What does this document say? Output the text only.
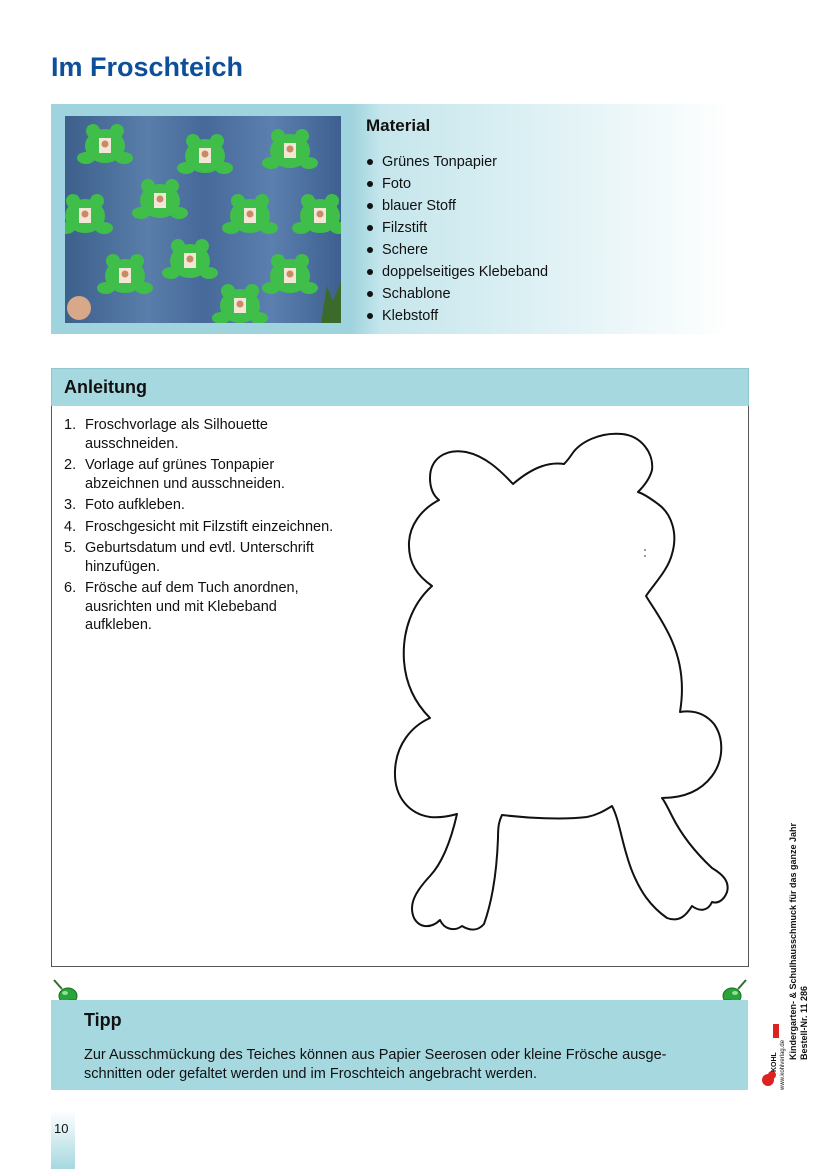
Im Froschteich
Material
Grünes Tonpapier
Foto
blauer Stoff
Filzstift
Schere
doppelseitiges Klebeband
Schablone
Klebstoff
Anleitung
1. Froschvorlage als Silhouette ausschneiden.
2. Vorlage auf grünes Tonpapier abzeichnen und ausschneiden.
3. Foto aufkleben.
4. Froschgesicht mit Filzstift einzeichnen.
5. Geburtsdatum und evtl. Unterschrift hinzufügen.
6. Frösche auf dem Tuch anordnen, ausrichten und mit Klebeband aufkleben.
Tipp

Zur Ausschmückung des Teiches können aus Papier Seerosen oder kleine Frösche ausge-schnitten oder gefaltet werden und im Froschteich angebracht werden.

Kindergarten- & Schulhausschmuck für das ganze Jahr Bestell-Nr. 11 286
www.kohlverlag.de
KOHL
10
